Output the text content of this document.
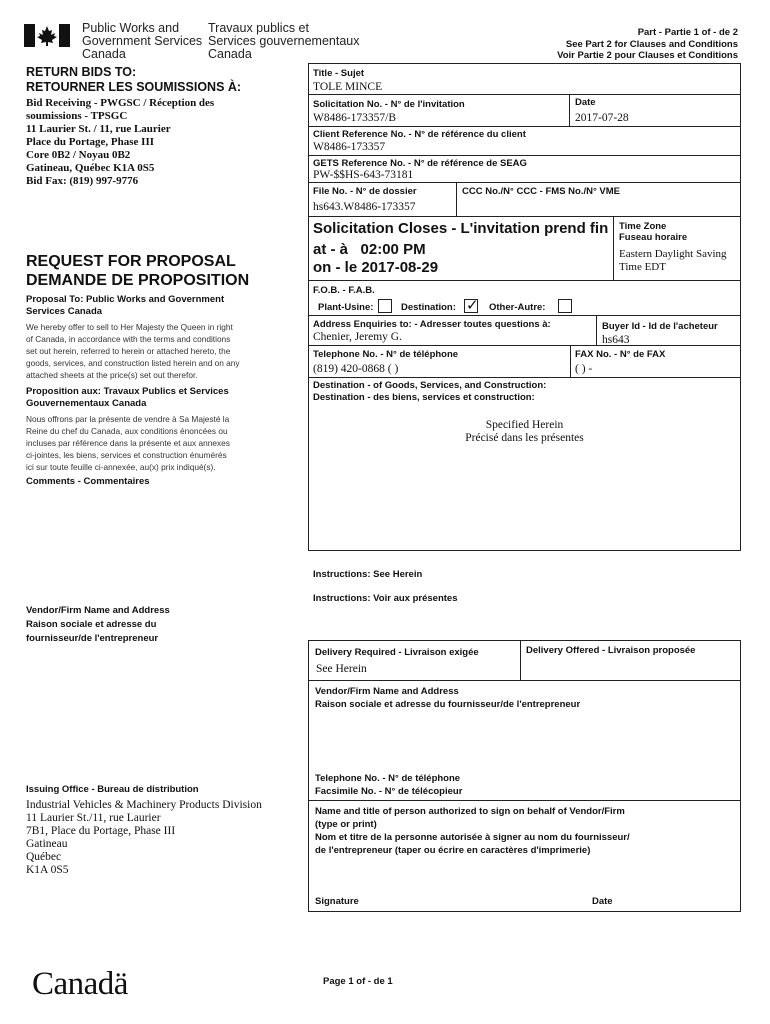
Public Works and
Government Services
Canada
Travaux publics et
Services gouvernementaux
Canada
Part - Partie 1 of - de 2
See Part 2 for Clauses and Conditions
Voir Partie 2 pour Clauses et Conditions
RETURN BIDS TO:
RETOURNER LES SOUMISSIONS À:
Bid Receiving - PWGSC / Réception des
soumissions - TPSGC
11 Laurier St. / 11, rue Laurier
Place du Portage, Phase III
Core 0B2 / Noyau 0B2
Gatineau, Québec K1A 0S5
Bid Fax: (819) 997-9776
REQUEST FOR PROPOSAL
DEMANDE DE PROPOSITION
Proposal To: Public Works and Government
Services Canada
We hereby offer to sell to Her Majesty the Queen in right
of Canada, in accordance with the terms and conditions
set out herein, referred to herein or attached hereto, the
goods, services, and construction listed herein and on any
attached sheets at the price(s) set out therefor.
Proposition aux: Travaux Publics et Services
Gouvernementaux Canada
Nous offrons par la présente de vendre à Sa Majesté la
Reine du chef du Canada, aux conditions énoncées ou
incluses par référence dans la présente et aux annexes
ci-jointes, les biens, services et construction énumérés
ici sur toute feuille ci-annexée, au(x) prix indiqué(s).
Comments - Commentaires
Vendor/Firm Name and Address
Raison sociale et adresse du
fournisseur/de l'entrepreneur
Issuing Office - Bureau de distribution
Industrial Vehicles & Machinery Products Division
11 Laurier St./11, rue Laurier
7B1, Place du Portage, Phase III
Gatineau
Québec
K1A 0S5
Title - Sujet
TOLE MINCE
Solicitation No. - N° de l'invitation
W8486-173357/B
Date
2017-07-28
Client Reference No. - N° de référence du client
W8486-173357
GETS Reference No. - N° de référence de SEAG
PW-$$HS-643-73181
File No. - N° de dossier
hs643.W8486-173357
CCC No./N° CCC - FMS No./N° VME
Solicitation Closes - L'invitation prend fin
at - à 02:00 PM
on - le 2017-08-29
Time Zone
Fuseau horaire
Eastern Daylight Saving
Time EDT
F.O.B. - F.A.B.
Plant-Usine:	Destination: ✓ Other-Autre:
Address Enquiries to: - Adresser toutes questions à:
Chenier, Jeremy G.
Buyer Id - Id de l'acheteur
hs643
Telephone No. - N° de téléphone
(819) 420-0868 ( )
FAX No. - N° de FAX
( ) -
Destination - of Goods, Services, and Construction:
Destination - des biens, services et construction:
Specified Herein
Précisé dans les présentes
Instructions: See Herein
Instructions: Voir aux présentes
Delivery Required - Livraison exigée
See Herein
Delivery Offered - Livraison proposée
Vendor/Firm Name and Address
Raison sociale et adresse du fournisseur/de l'entrepreneur
Telephone No. - N° de téléphone
Facsimile No. - N° de télécopieur
Name and title of person authorized to sign on behalf of Vendor/Firm
(type or print)
Nom et titre de la personne autorisée à signer au nom du fournisseur/
de l'entrepreneur (taper ou écrire en caractères d'imprimerie)
Signature	Date
Canadä	Page 1 of - de 1
